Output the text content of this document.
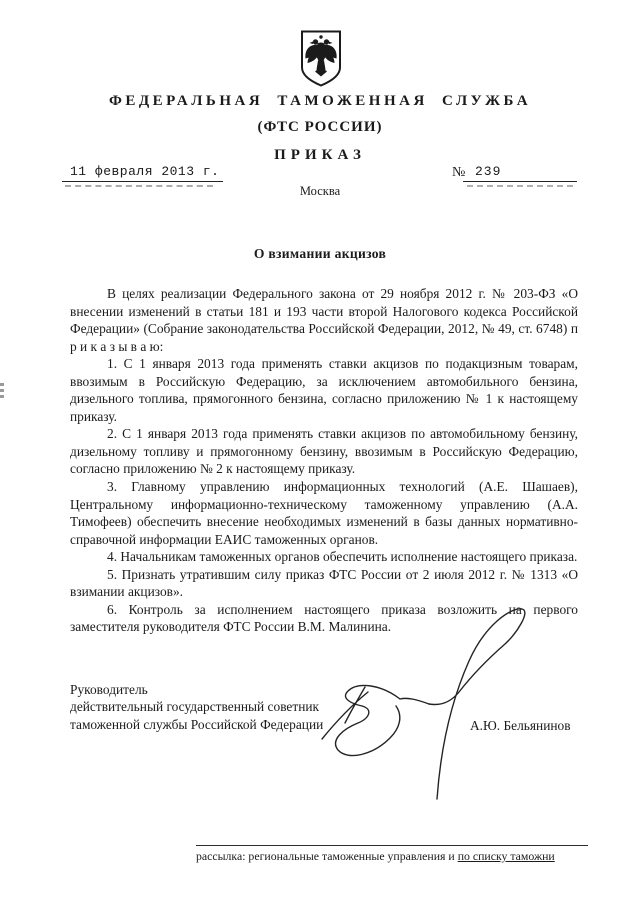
ФЕДЕРАЛЬНАЯ ТАМОЖЕННАЯ СЛУЖБА
(ФТС РОССИИ)
ПРИКАЗ
11 февраля 2013 г.	№ 239
Москва
О взимании акцизов

В целях реализации Федерального закона от 29 ноября 2012 г. № 203-ФЗ «О внесении изменений в статьи 181 и 193 части второй Налогового кодекса Российской Федерации» (Собрание законодательства Российской Федерации, 2012, № 49, ст. 6748) п р и к а з ы в а ю:

1. С 1 января 2013 года применять ставки акцизов по подакцизным товарам, ввозимым в Российскую Федерацию, за исключением автомобильного бензина, дизельного топлива, прямогонного бензина, согласно приложению № 1 к настоящему приказу.

2. С 1 января 2013 года применять ставки акцизов по автомобильному бензину, дизельному топливу и прямогонному бензину, ввозимым в Российскую Федерацию, согласно приложению № 2 к настоящему приказу.

3. Главному управлению информационных технологий (А.Е. Шашаев), Центральному информационно-техническому таможенному управлению (А.А. Тимофеев) обеспечить внесение необходимых изменений в базы данных нормативно-справочной информации ЕАИС таможенных органов.

4. Начальникам таможенных органов обеспечить исполнение настоящего приказа.

5. Признать утратившим силу приказ ФТС России от 2 июля 2012 г. № 1313 «О взимании акцизов».

6. Контроль за исполнением настоящего приказа возложить на первого заместителя руководителя ФТС России В.М. Малинина.

Руководитель
действительный государственный советник
таможенной службы Российской Федерации	А.Ю. Бельянинов
рассылка: региональные таможенные управления и по списку таможни
